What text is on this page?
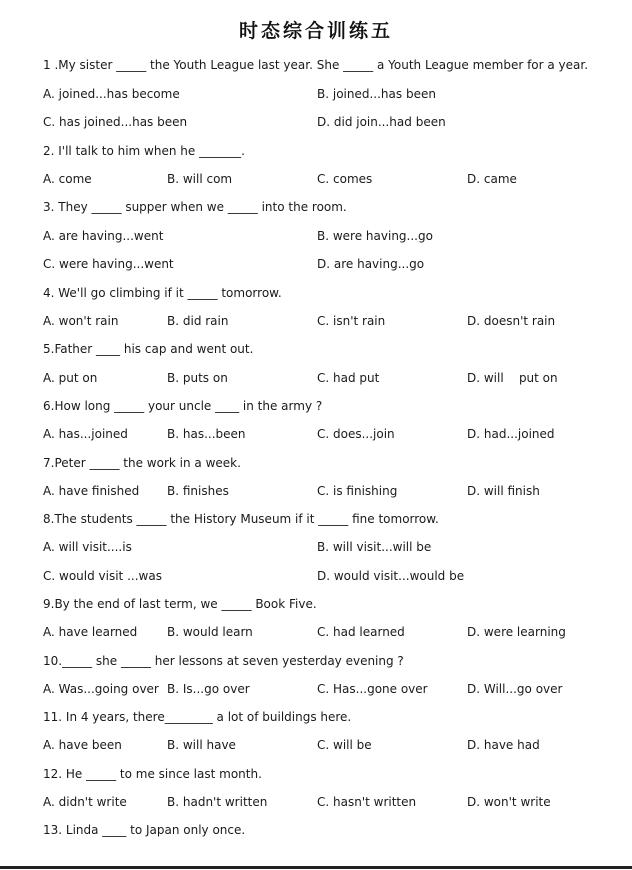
时态综合训练五
1 .My sister _____ the Youth League last year. She _____ a Youth League member for a year.
A. joined...has become	B. joined...has been
C. has joined...has been	D. did join...had been
2. I'll talk to him when he _______.
A. come	B. will com	C. comes	D. came
3. They _____ supper when we _____ into the room.
A. are having...went	B. were having...go
C. were having...went	D. are having...go
4. We'll go climbing if it _____ tomorrow.
A. won't rain	B. did rain	C. isn't rain	D. doesn't rain
5.Father ____ his cap and went out.
A. put on	B. puts on	C. had put	D. will    put on
6.How long _____ your uncle ____ in the army ?
A. has...joined	B. has...been	C. does...join	D. had...joined
7.Peter _____ the work in a week.
A. have finished B. finishes	C. is finishing	D. will finish
8.The students _____ the History Museum if it _____ fine tomorrow.
A. will visit....is	B. will visit...will be
C. would visit ...was	D. would visit...would be
9.By the end of last term, we _____ Book Five.
A. have learned B. would learn	C. had learned	D. were learning
10._____ she _____ her lessons at seven yesterday evening ?
A. Was...going over B. Is...go over	C. Has...gone over	D. Will...go over
11. In 4 years, there________ a lot of buildings here.
A. have been	B. will have	C. will be	D. have had
12. He _____ to me since last month.
A. didn't write	B. hadn't written	C. hasn't written	D. won't write
13. Linda ____ to Japan only once.
